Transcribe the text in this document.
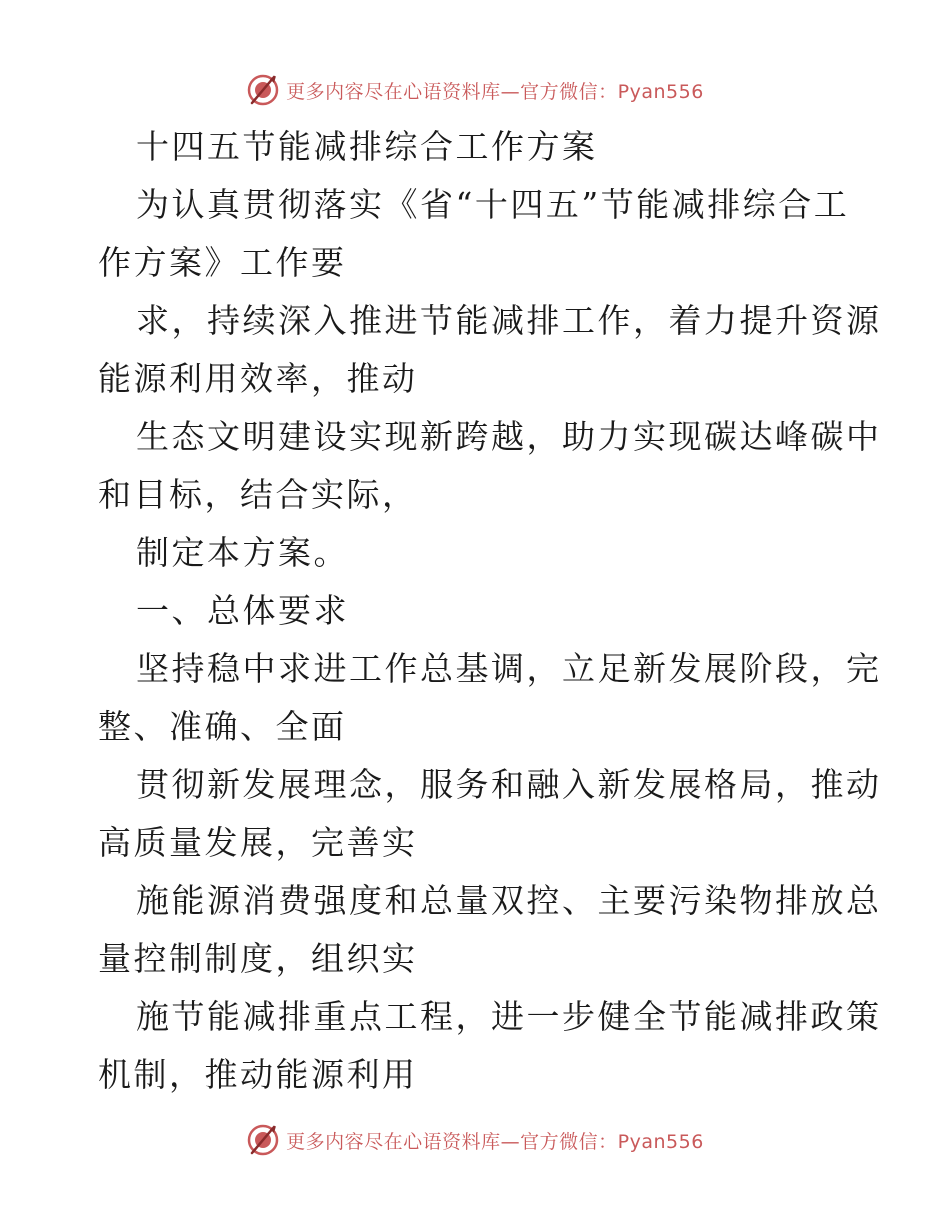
更多内容尽在心语资料库—官方微信：Pyan556

十四五节能减排综合工作方案

为认真贯彻落实《省“十四五”节能减排综合工
作方案》工作要
求，持续深入推进节能减排工作，着力提升资源
能源利用效率，推动
生态文明建设实现新跨越，助力实现碳达峰碳中
和目标，结合实际，
制定本方案。
一、总体要求
坚持稳中求进工作总基调，立足新发展阶段，完
整、准确、全面
贯彻新发展理念，服务和融入新发展格局，推动
高质量发展，完善实
施能源消费强度和总量双控、主要污染物排放总
量控制制度，组织实
施节能减排重点工程，进一步健全节能减排政策
机制，推动能源利用

更多内容尽在心语资料库—官方微信：Pyan556
